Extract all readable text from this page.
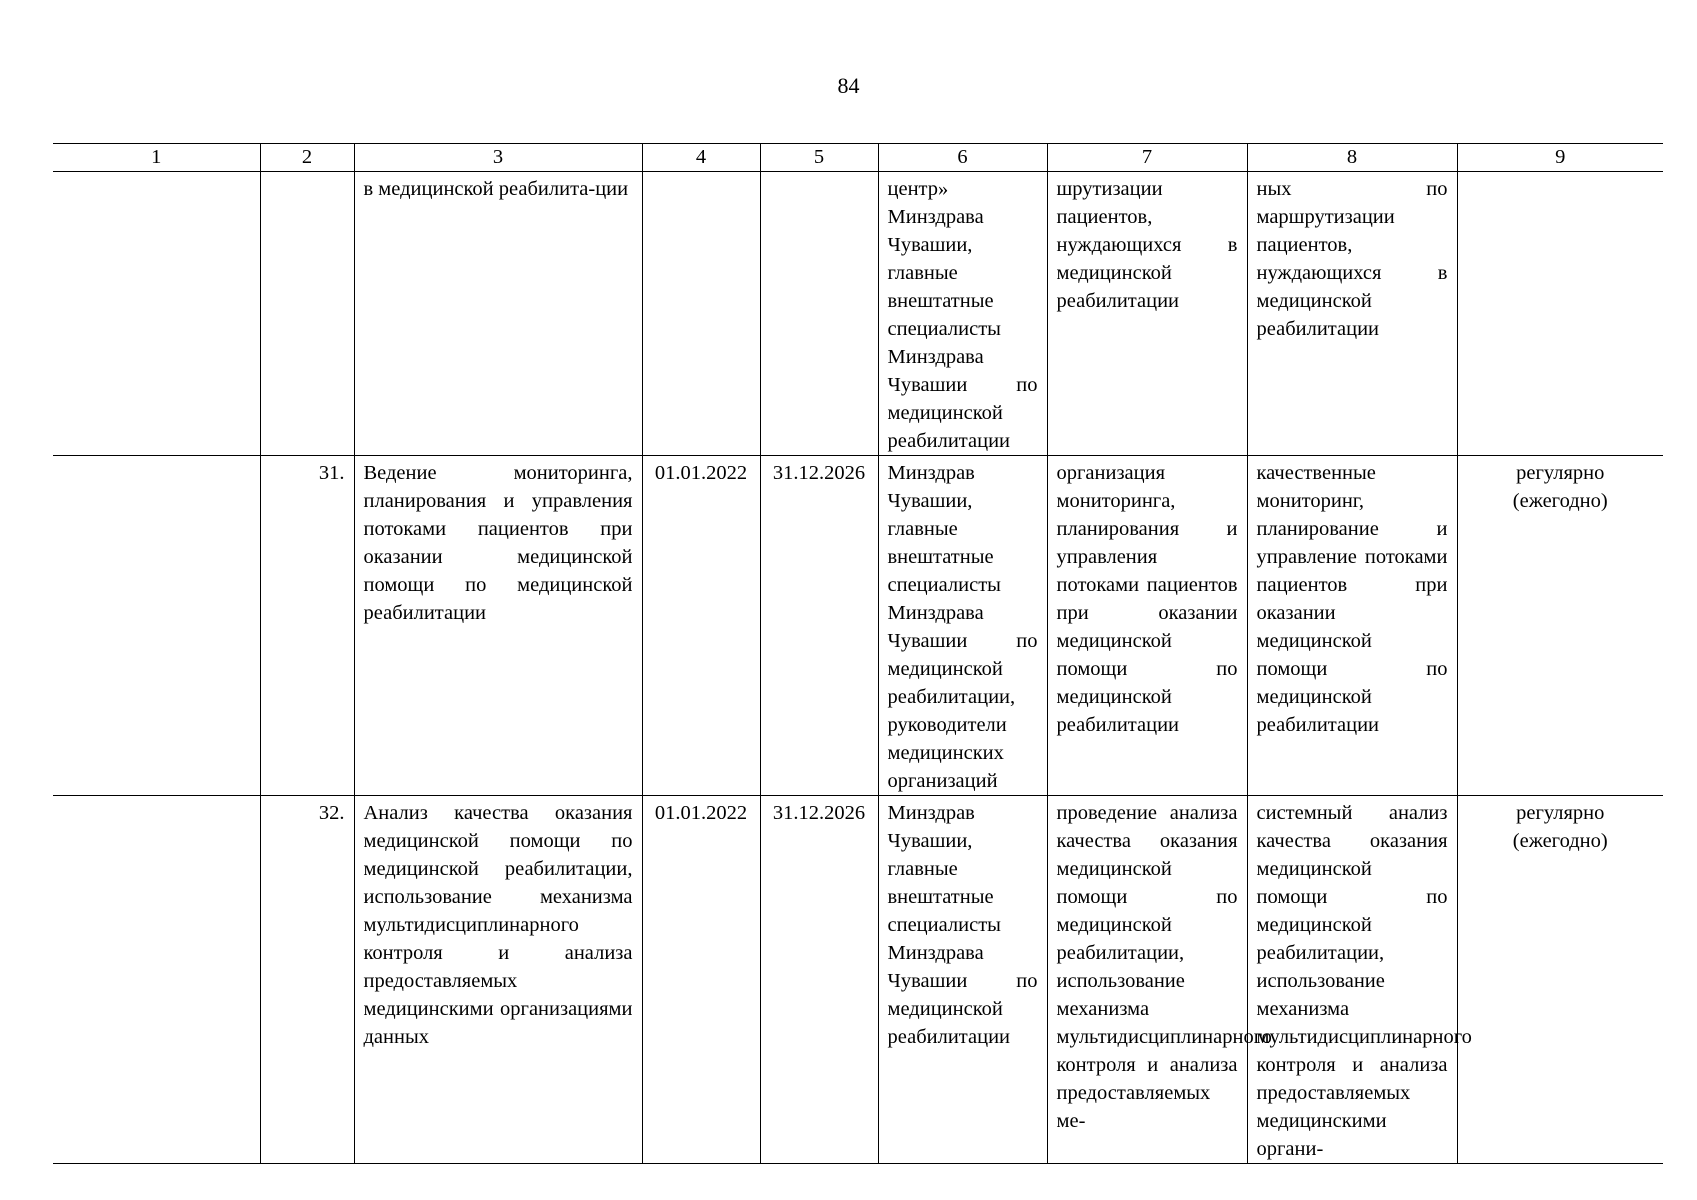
84
1	2	3	4	5	6	7	8	9
		в медицинской реабилита-ции			центр» Минздрава Чувашии, главные внештатные специалисты Минздрава Чувашии по медицинской реабилитации	шрутизации пациентов, нуждающихся в медицинской реабилитации	ных по маршрутизации пациентов, нуждающихся в медицинской реабилитации	
	31.	Ведение мониторинга, планирования и управления потоками пациентов при оказании медицинской помощи по медицинской реабилитации	01.01.2022	31.12.2026	Минздрав Чувашии, главные внештатные специалисты Минздрава Чувашии по медицинской реабилитации, руководители медицинских организаций	организация мониторинга, планирования и управления потоками пациентов при оказании медицинской помощи по медицинской реабилитации	качественные мониторинг, планирование и управление потоками пациентов при оказании медицинской помощи по медицинской реабилитации	регулярно (ежегодно)
	32.	Анализ качества оказания медицинской помощи по медицинской реабилитации, использование механизма мультидисциплинарного контроля и анализа предоставляемых медицинскими организациями данных	01.01.2022	31.12.2026	Минздрав Чувашии, главные внештатные специалисты Минздрава Чувашии по медицинской реабилитации	проведение анализа качества оказания медицинской помощи по медицинской реабилитации, использование механизма мультидисциплинарного контроля и анализа предоставляемых ме-	системный анализ качества оказания медицинской помощи по медицинской реабилитации, использование механизма мультидисциплинарного контроля и анализа предоставляемых медицинскими органи-	регулярно (ежегодно)
